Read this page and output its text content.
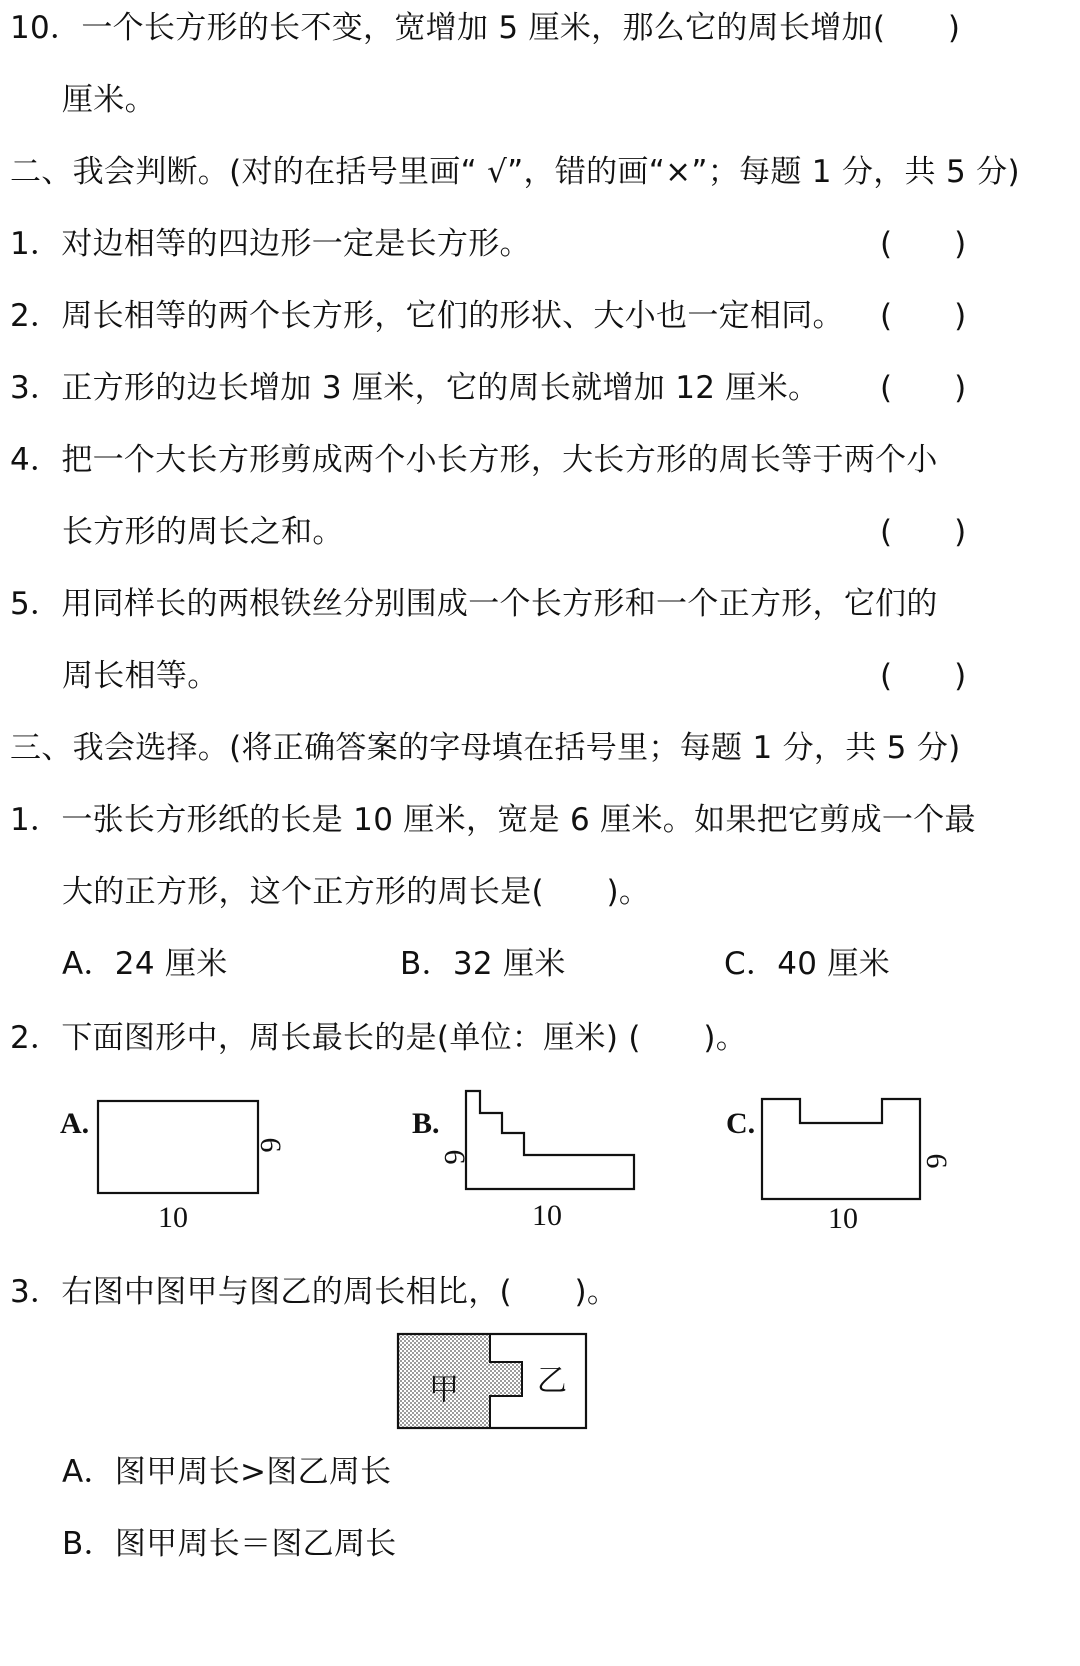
10．一个长方形的长不变，宽增加 5 厘米，那么它的周长增加(　　)
厘米。
二、我会判断。(对的在括号里画“ √”，错的画“×”；每题 1 分，共 5 分)
1．对边相等的四边形一定是长方形。	(　　)
2．周长相等的两个长方形，它们的形状、大小也一定相同。 (　　)
3．正方形的边长增加 3 厘米，它的周长就增加 12 厘米。 (　　)
4．把一个大长方形剪成两个小长方形，大长方形的周长等于两个小
长方形的周长之和。	(　　)
5．用同样长的两根铁丝分别围成一个长方形和一个正方形，它们的
周长相等。	(　　)
三、我会选择。(将正确答案的字母填在括号里；每题 1 分，共 5 分)
1．一张长方形纸的长是 10 厘米，宽是 6 厘米。如果把它剪成一个最
大的正方形，这个正方形的周长是(　　)。
A．24 厘米	B．32 厘米	C．40 厘米
2．下面图形中，周长最长的是(单位：厘米) (　　)。
A.	B.	C.
10
6
10
6
10
6
3．右图中图甲与图乙的周长相比，(　　)。
甲	乙
A．图甲周长>图乙周长
B．图甲周长＝图乙周长
